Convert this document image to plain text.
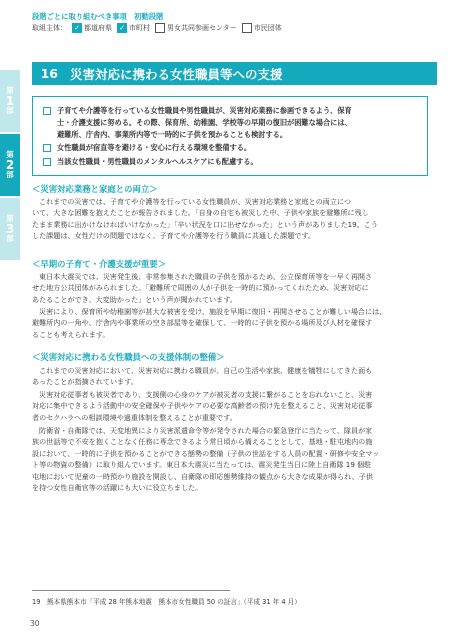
第
1
部
第
2
部
第
3
部
段階ごとに取り組むべき事項　初動段階
取組主体： ✓ 都道府県 ✓ 市町村	男女共同参画センター	市民団体
16 災害対応に携わる女性職員等への支援
子育てや介護等を行っている女性職員や男性職員が、災害対応業務に参画できるよう、保育
士・介護支援に努める。その際、保育所、幼稚園、学校等の早期の復旧が困難な場合には、
避難所、庁舎内、事業所内等で一時的に子供を預かることも検討する。
女性職員が宿直等を避ける・安心に行える環境を整備する。
当該女性職員・男性職員のメンタルヘルスケアにも配慮する。
＜災害対応業務と家庭との両立＞
これまでの災害では、子育てや介護等を行っている女性職員が、災害対応業務と家庭との両立につ
いて、大きな困難を抱えたことが報告されました。「自身の自宅も被災した中、子供や家族を避難所に残し
たまま業務に出かけなければいけなかった」「辛い状況を口に出せなかった」という声がありました19。こう
した課題は、女性だけの問題ではなく、子育てや介護等を行う職員に共通した課題です。
＜早期の子育て・介護支援が重要＞
東日本大震災では、災害発生後、非常参集された職員の子供を預かるため、公立保育所等を一早く再開さ
せた地方公共団体がみられました。「避難所で周囲の人が子供を一時的に預かってくれたため、災害対応に
あたることができ、大変助かった」という声が聞かれています。
災害により、保育所や幼稚園等が甚大な被害を受け、施設を早期に復旧・再開させることが難しい場合には、
避難所内の一角や、庁舎内や事業所の空き部屋等を確保して、一時的に子供を預かる場所及び人材を確保す
ることも考えられます。
＜災害対応に携わる女性職員への支援体制の整備＞
これまでの災害対応において、災害対応に携わる職員が、自己の生活や家族、健康を犠牲にしてきた面も
あったことが指摘されています。
災害対応従事者も被災者であり、支援側の心身のケアが被災者の支援に繋がることを忘れないこと、災害
対応に集中できるよう活動中の安全確保や子供やケアの必要な高齢者の預け先を整えること、災害対応従事
者のセクハラへの相談環境や過重体制を整えることが重要です。
防衛省・自衛隊では、天変地異により災害派遣命令等が発令された場合の緊急登庁に当たって、隊員が家
族の世話等で不安を抱くことなく任務に専念できるよう常日頃から備えることとして、基地・駐屯地内の施
設において、一時的に子供を預かることができる態勢の整備（子供の世話をする人員の配置・研修や安全マッ
ト等の物資の整備）に取り組んでいます。東日本大震災に当たっては、震災発生当日に陸上自衛隊 19 個駐
屯地において児童の一時預かり施設を開設し、自衛隊の即応態勢維持の観点から大きな成果が得られ、子供
を持つ女性自衛官等の活躍にも大いに役立ちました。
19　熊本県熊本市「平成 28 年熊本地震　熊本市女性職員 50 の証言」（平成 31 年 4 月）
30
